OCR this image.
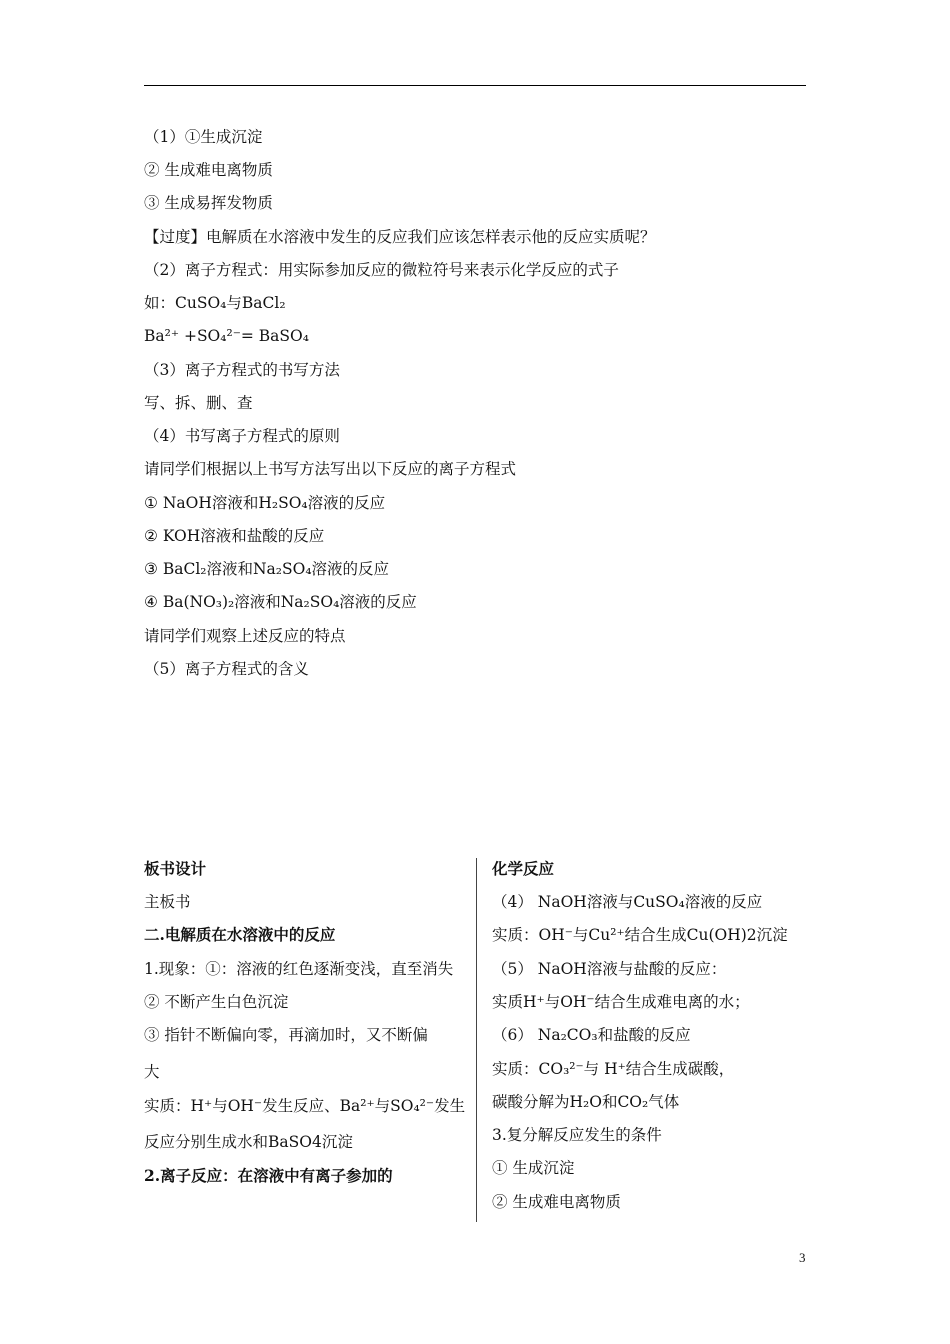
（1）①生成沉淀
② 生成难电离物质
③ 生成易挥发物质
【过度】电解质在水溶液中发生的反应我们应该怎样表示他的反应实质呢？
（2）离子方程式：用实际参加反应的微粒符号来表示化学反应的式子
如：CuSO₄与BaCl₂
Ba²⁺ +SO₄²⁻= BaSO₄
（3）离子方程式的书写方法
写、拆、删、查
（4）书写离子方程式的原则
请同学们根据以上书写方法写出以下反应的离子方程式
① NaOH溶液和H₂SO₄溶液的反应
② KOH溶液和盐酸的反应
③ BaCl₂溶液和Na₂SO₄溶液的反应
④ Ba(NO₃)₂溶液和Na₂SO₄溶液的反应
请同学们观察上述反应的特点
（5）离子方程式的含义
板书设计
主板书
二.电解质在水溶液中的反应
1.现象：①：溶液的红色逐渐变浅，直至消失
② 不断产生白色沉淀
③ 指针不断偏向零，再滴加时，又不断偏
大
实质：H⁺与OH⁻发生反应、Ba²⁺与SO₄²⁻发生
反应分别生成水和BaSO4沉淀
2.离子反应：在溶液中有离子参加的
化学反应
（4） NaOH溶液与CuSO₄溶液的反应
实质：OH⁻与Cu²⁺结合生成Cu(OH)2沉淀
（5） NaOH溶液与盐酸的反应：
实质H⁺与OH⁻结合生成难电离的水；
（6） Na₂CO₃和盐酸的反应
实质：CO₃²⁻与 H⁺结合生成碳酸，
碳酸分解为H₂O和CO₂气体
3.复分解反应发生的条件
① 生成沉淀
② 生成难电离物质
3
